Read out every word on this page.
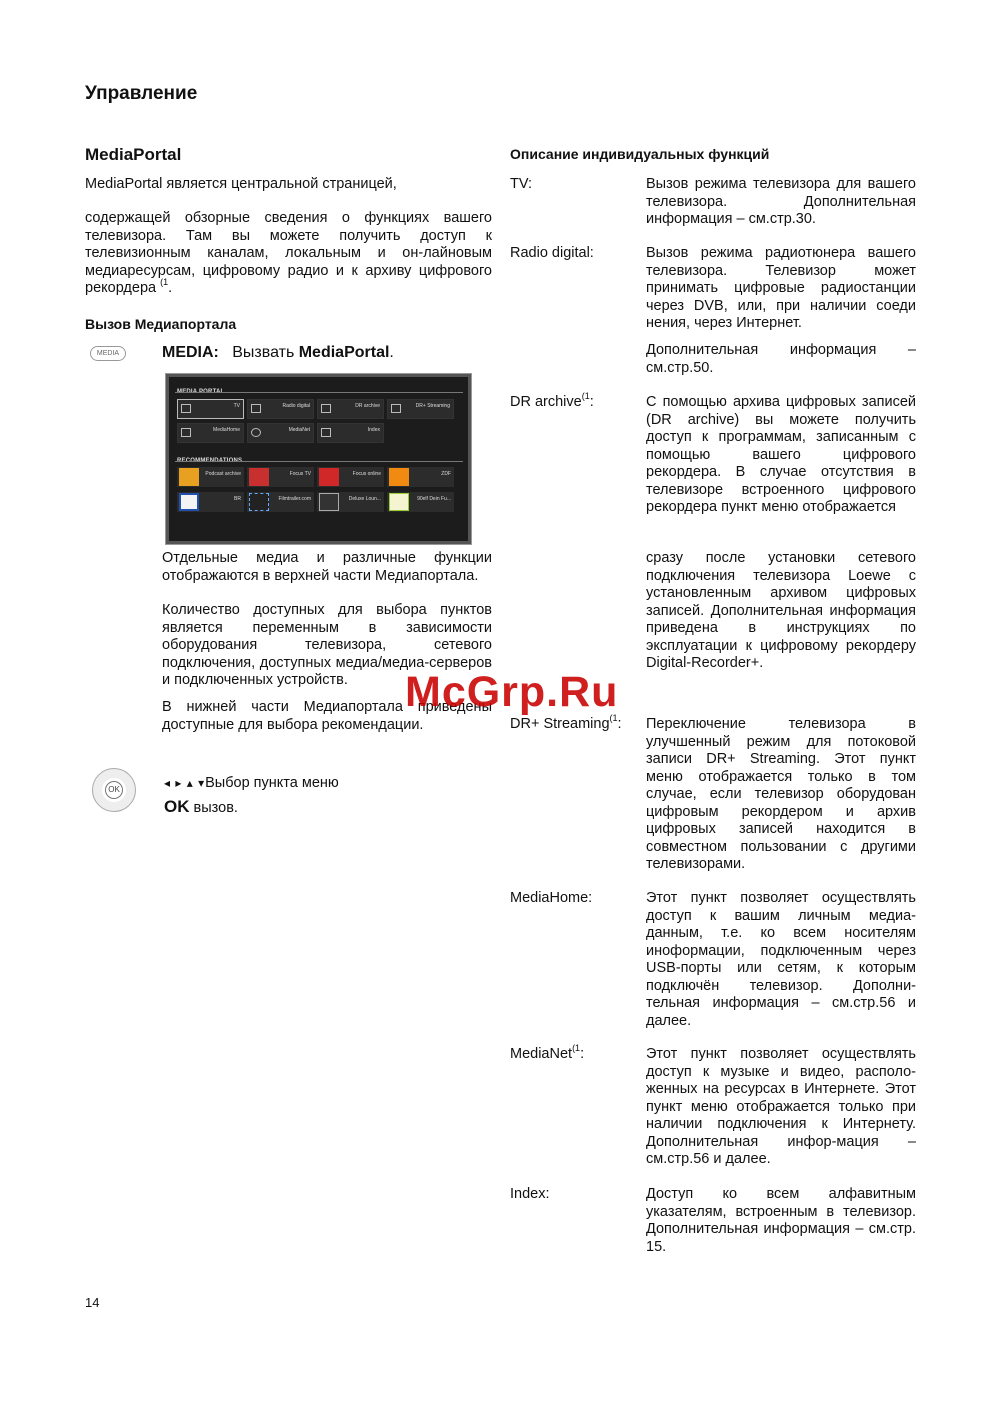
Управление
MediaPortal
MediaPortal является центральной страницей,
содержащей обзорные сведения о функциях вашего телевизора. Там вы можете получить доступ к телевизионным каналам, локальным и он-лайновым медиаресурсам, цифровому радио и к архиву цифрового рекордера $^{(1}$.
Вызов Медиапортала
MEDIA	MEDIA: Вызвать MediaPortal.
TV	Radio digital	DR archive	DR+ Streaming
MediaHome	MediaNet	Index
Podcast archive	Focus TV	Focus online	ZDF
BR	Filmtrailer.com	Deluxe Loun...	90elf Dein Fu...
Отдельные медиа и различные функции отображаются в верхней части Медиапортала.
Количество доступных для выбора пунктов является переменным в зависимости оборудования телевизора, сетевого подключения, доступных медиа/медиа-серверов и подключенных устройств.
В нижней части Медиапортала приведены доступные для выбора рекомендации.
OK	◂ ▸ ▴ ▾Выбор пункта меню
OK вызов.
Описание индивидуальных функций
TV:	Вызов режима телевизора для вашего телевизора. Дополнительная информация – см.стр.30.
Radio digital:	Вызов режима радиотюнера вашего телевизора. Телевизор может принимать цифровые радиостанции через DVB, или, при наличии соеди нения, через Интернет.
Дополнительная информация – см.стр.50.
DR archive$^{(1}$:	С помощью архива цифровых записей (DR archive) вы можете получить доступ к программам, записанным с помощью вашего цифрового рекордера. В случае отсутствия в телевизоре встроенного цифрового рекордера пункт меню отображается
сразу после установки сетевого подключения телевизора Loewe с установленным архивом цифровых записей. Дополнительная информация приведена в инструкциях по эксплуатации к цифровому рекордеру Digital-Recorder+.
DR+ Streaming$^{(1}$:	Переключение телевизора в улучшенный режим для потоковой записи DR+ Streaming. Этот пункт меню отображается только в том случае, если телевизор оборудован цифровым рекордером и архив цифровых записей находится в совместном пользовании с другими телевизорами.
MediaHome:	Этот пункт позволяет осуществлять доступ к вашим личным медиа-данным, т.е. ко всем носителям иноформации, подключенным через USB-порты или сетям, к которым подключён телевизор. Дополни-тельная информация – см.стр.56 и далее.
MediaNet$^{(1}$:	Этот пункт позволяет осуществлять доступ к музыке и видео, располо-женных на ресурсах в Интернете. Этот пункт меню отображается только при наличии подключения к Интернету. Дополнительная инфор-мация – см.стр.56 и далее.
Index:	Доступ ко всем алфавитным указателям, встроенным в телевизор. Дополнительная информация – см.стр. 15.
McGrp.Ru
14
